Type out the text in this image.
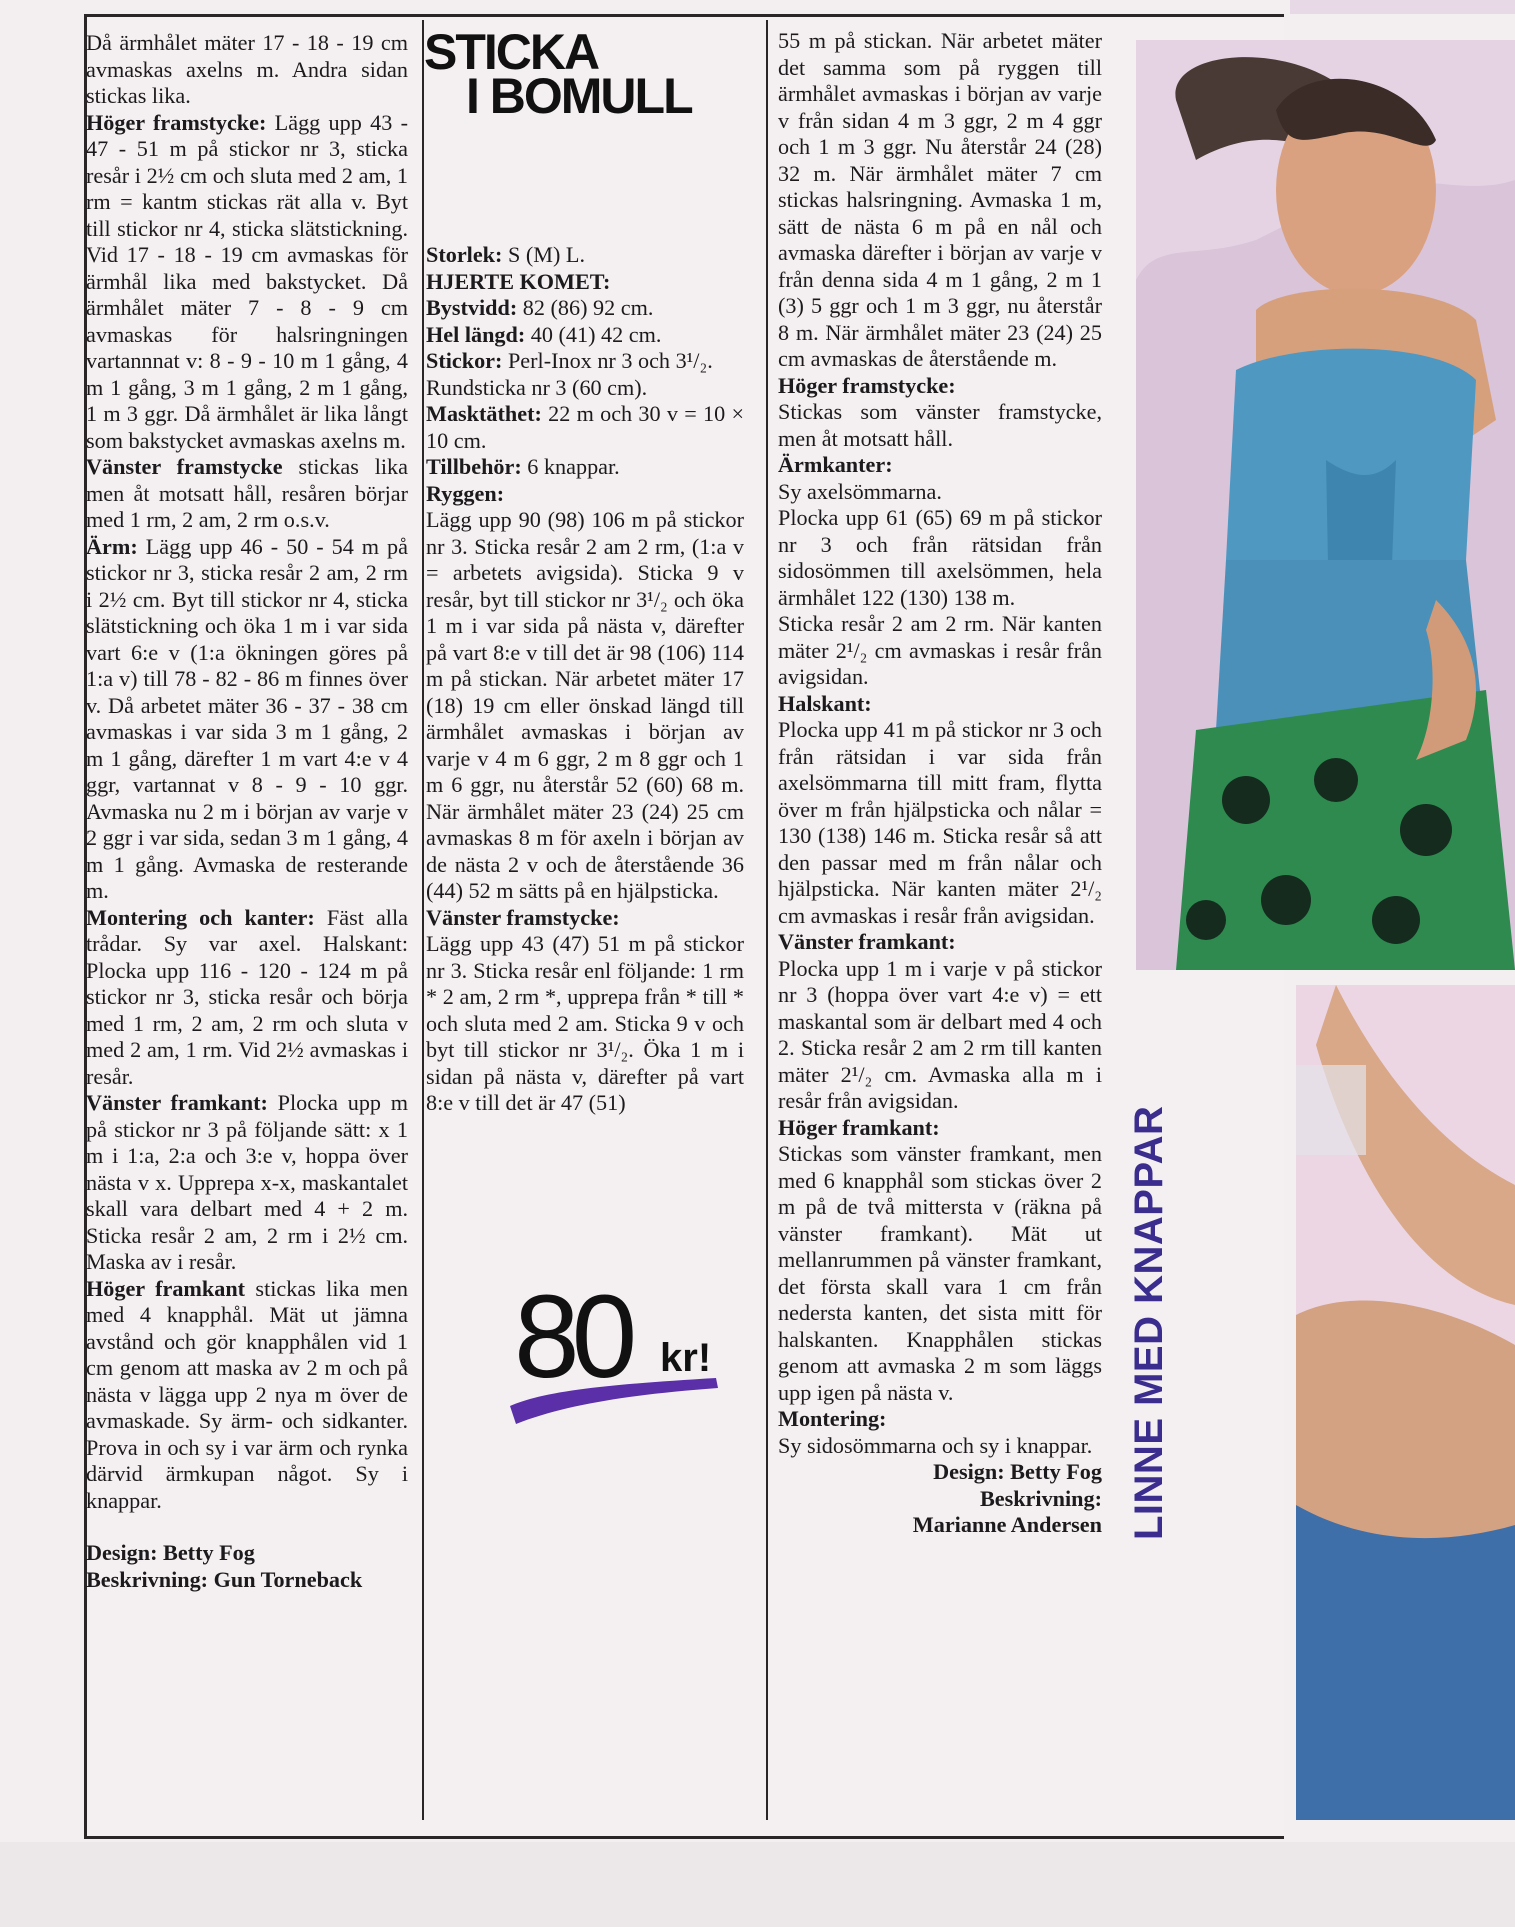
STICKA
I BOMULL

Då ärmhålet mäter 17 - 18 - 19 cm avmaskas axelns m. Andra sidan stickas lika.

Höger framstycke: Lägg upp 43 - 47 - 51 m på stickor nr 3, sticka resår i 2½ cm och sluta med 2 am, 1 rm = kantm stickas rät alla v. Byt till stickor nr 4, sticka slätstickning. Vid 17 - 18 - 19 cm avmaskas för ärmhål lika med bakstycket. Då ärmhålet mäter 7 - 8 - 9 cm avmaskas för halsringningen vartannnat v: 8 - 9 - 10 m 1 gång, 4 m 1 gång, 3 m 1 gång, 2 m 1 gång, 1 m 3 ggr. Då ärmhålet är lika långt som bakstycket avmaskas axelns m.

Vänster framstycke stickas lika men åt motsatt håll, resåren börjar med 1 rm, 2 am, 2 rm o.s.v.

Ärm: Lägg upp 46 - 50 - 54 m på stickor nr 3, sticka resår 2 am, 2 rm i 2½ cm. Byt till stickor nr 4, sticka slätstickning och öka 1 m i var sida vart 6:e v (1:a ökningen göres på 1:a v) till 78 - 82 - 86 m finnes över v. Då arbetet mäter 36 - 37 - 38 cm avmaskas i var sida 3 m 1 gång, 2 m 1 gång, därefter 1 m vart 4:e v 4 ggr, vartannat v 8 - 9 - 10 ggr. Avmaska nu 2 m i början av varje v 2 ggr i var sida, sedan 3 m 1 gång, 4 m 1 gång. Avmaska de resterande m.

Montering och kanter: Fäst alla trådar. Sy var axel. Halskant: Plocka upp 116 - 120 - 124 m på stickor nr 3, sticka resår och börja med 1 rm, 2 am, 2 rm och sluta v med 2 am, 1 rm. Vid 2½ avmaskas i resår.

Vänster framkant: Plocka upp m på stickor nr 3 på följande sätt: x 1 m i 1:a, 2:a och 3:e v, hoppa över nästa v x. Upprepa x-x, maskantalet skall vara delbart med 4 + 2 m. Sticka resår 2 am, 2 rm i 2½ cm. Maska av i resår.

Höger framkant stickas lika men med 4 knapphål. Mät ut jämna avstånd och gör knapphålen vid 1 cm genom att maska av 2 m och på nästa v lägga upp 2 nya m över de avmaskade. Sy ärm- och sidkanter. Prova in och sy i var ärm och rynka därvid ärmkupan något. Sy i knappar.

Design: Betty Fog

Beskrivning: Gun Torneback

Storlek: S (M) L.

HJERTE KOMET:

Bystvidd: 82 (86) 92 cm.

Hel längd: 40 (41) 42 cm.

Stickor: Perl-Inox nr 3 och 3¹/₂.

Rundsticka nr 3 (60 cm).

Masktäthet: 22 m och 30 v = 10 × 10 cm.

Tillbehör: 6 knappar.

Ryggen:

Lägg upp 90 (98) 106 m på stickor nr 3. Sticka resår 2 am 2 rm, (1:a v = arbetets avigsida). Sticka 9 v resår, byt till stickor nr 3¹/₂ och öka 1 m i var sida på nästa v, därefter på vart 8:e v till det är 98 (106) 114 m på stickan. När arbetet mäter 17 (18) 19 cm eller önskad längd till ärmhålet avmaskas i början av varje v 4 m 6 ggr, 2 m 8 ggr och 1 m 6 ggr, nu återstår 52 (60) 68 m. När ärmhålet mäter 23 (24) 25 cm avmaskas 8 m för axeln i början av de nästa 2 v och de återstående 36 (44) 52 m sätts på en hjälpsticka.

Vänster framstycke:

Lägg upp 43 (47) 51 m på stickor nr 3. Sticka resår enl följande: 1 rm * 2 am, 2 rm *, upprepa från * till * och sluta med 2 am. Sticka 9 v och byt till stickor nr 3¹/₂. Öka 1 m i sidan på nästa v, därefter på vart 8:e v till det är 47 (51)

55 m på stickan. När arbetet mäter det samma som på ryggen till ärmhålet avmaskas i början av varje v från sidan 4 m 3 ggr, 2 m 4 ggr och 1 m 3 ggr. Nu återstår 24 (28) 32 m. När ärmhålet mäter 7 cm stickas halsringning. Avmaska 1 m, sätt de nästa 6 m på en nål och avmaska därefter i början av varje v från denna sida 4 m 1 gång, 2 m 1 (3) 5 ggr och 1 m 3 ggr, nu återstår 8 m. När ärmhålet mäter 23 (24) 25 cm avmaskas de återstående m.

Höger framstycke:

Stickas som vänster framstycke, men åt motsatt håll.

Ärmkanter:

Sy axelsömmarna.

Plocka upp 61 (65) 69 m på stickor nr 3 och från rätsidan från sidosömmen till axelsömmen, hela ärmhålet 122 (130) 138 m.

Sticka resår 2 am 2 rm. När kanten mäter 2¹/₂ cm avmaskas i resår från avigsidan.

Halskant:

Plocka upp 41 m på stickor nr 3 och från rätsidan i var sida från axelsömmarna till mitt fram, flytta över m från hjälpsticka och nålar = 130 (138) 146 m. Sticka resår så att den passar med m från nålar och hjälpsticka. När kanten mäter 2¹/₂ cm avmaskas i resår från avigsidan.

Vänster framkant:

Plocka upp 1 m i varje v på stickor nr 3 (hoppa över vart 4:e v) = ett maskantal som är delbart med 4 och 2. Sticka resår 2 am 2 rm till kanten mäter 2¹/₂ cm. Avmaska alla m i resår från avigsidan.

Höger framkant:

Stickas som vänster framkant, men med 6 knapphål som stickas över 2 m på de två mittersta v (räkna på vänster framkant). Mät ut mellanrummen på vänster framkant, det första skall vara 1 cm från nedersta kanten, det sista mitt för halskanten. Knapphålen stickas genom att avmaska 2 m som läggs upp igen på nästa v.

Montering:

Sy sidosömmarna och sy i knappar.

Design: Betty Fog

Beskrivning:

Marianne Andersen

80 kr!	LINNE MED KNAPPAR
